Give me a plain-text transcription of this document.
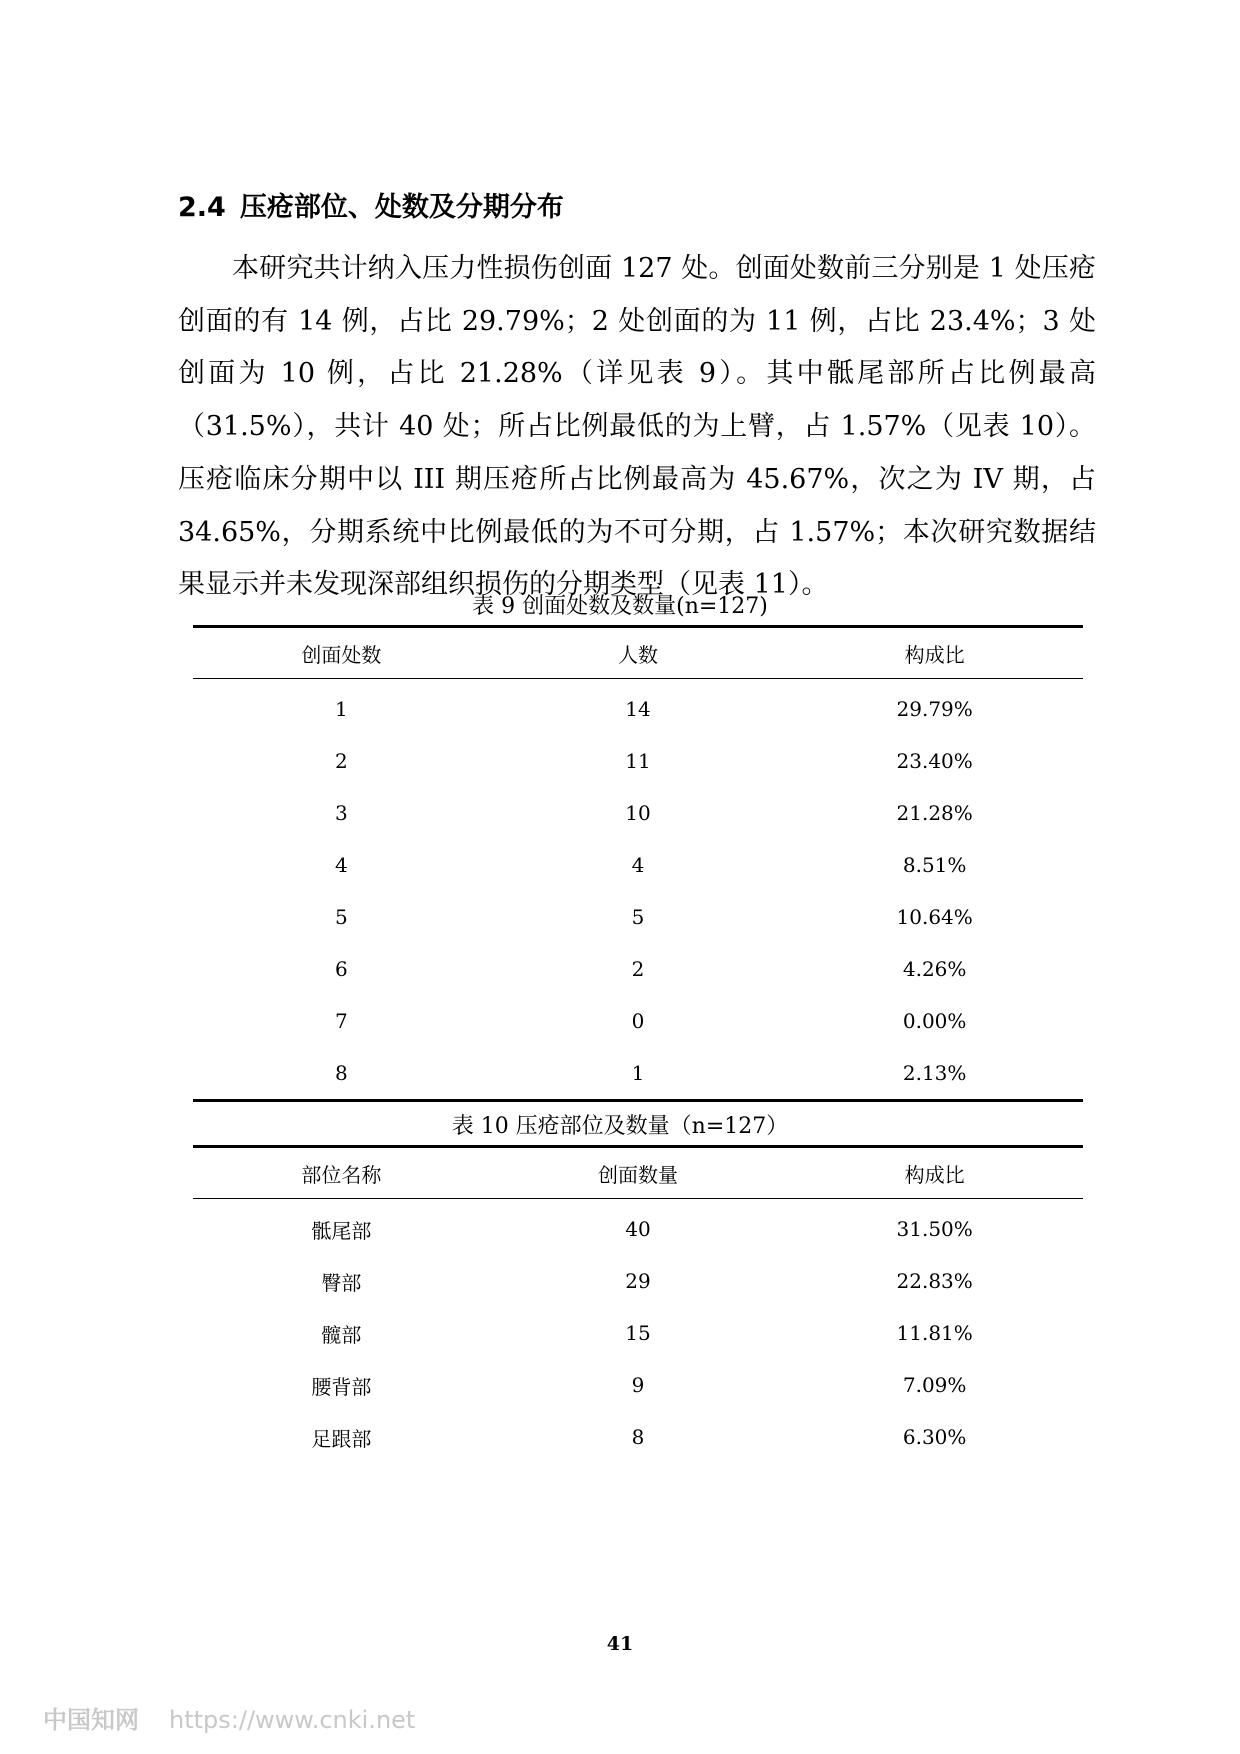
2.4 压疮部位、处数及分期分布

本研究共计纳入压力性损伤创面 127 处。创面处数前三分别是 1 处压疮创面的有 14 例，占比 29.79%；2 处创面的为 11 例，占比 23.4%；3 处创面为 10 例，占比 21.28%（详见表 9）。其中骶尾部所占比例最高（31.5%），共计 40 处；所占比例最低的为上臂，占 1.57%（见表 10）。压疮临床分期中以 III 期压疮所占比例最高为 45.67%，次之为 IV 期，占 34.65%，分期系统中比例最低的为不可分期，占 1.57%；本次研究数据结果显示并未发现深部组织损伤的分期类型（见表 11）。

表 9 创面处数及数量(n=127)
创面处数	人数	构成比
1	14	29.79%
2	11	23.40%
3	10	21.28%
4	4	8.51%
5	5	10.64%
6	2	4.26%
7	0	0.00%
8	1	2.13%
表 10 压疮部位及数量（n=127）
部位名称	创面数量	构成比
骶尾部	40	31.50%
臀部	29	22.83%
髋部	15	11.81%
腰背部	9	7.09%
足跟部	8	6.30%
41
中国知网 https://www.cnki.net
